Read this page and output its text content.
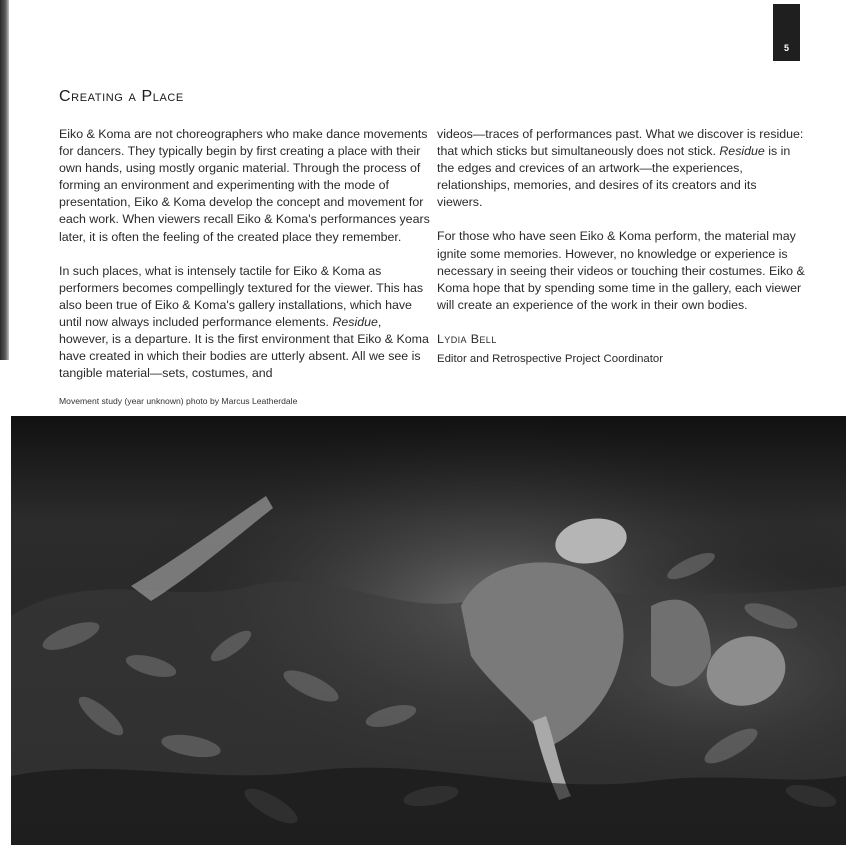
5
Creating a Place

Eiko & Koma are not choreographers who make dance movements for dancers. They typically begin by first creating a place with their own hands, using mostly organic material. Through the process of forming an environment and experimenting with the mode of presentation, Eiko & Koma develop the concept and movement for each work. When viewers recall Eiko & Koma's performances years later, it is often the feeling of the created place they remember.

In such places, what is intensely tactile for Eiko & Koma as performers becomes compellingly textured for the viewer. This has also been true of Eiko & Koma's gallery installations, which have until now always included performance elements. Residue, however, is a departure. It is the first environment that Eiko & Koma have created in which their bodies are utterly absent. All we see is tangible material—sets, costumes, and

videos—traces of performances past. What we discover is residue: that which sticks but simultaneously does not stick. Residue is in the edges and crevices of an artwork—the experiences, relationships, memories, and desires of its creators and its viewers.

For those who have seen Eiko & Koma perform, the material may ignite some memories. However, no knowledge or experience is necessary in seeing their videos or touching their costumes. Eiko & Koma hope that by spending some time in the gallery, each viewer will create an experience of the work in their own bodies.

Lydia Bell

Editor and Retrospective Project Coordinator

Movement study (year unknown) photo by Marcus Leatherdale
